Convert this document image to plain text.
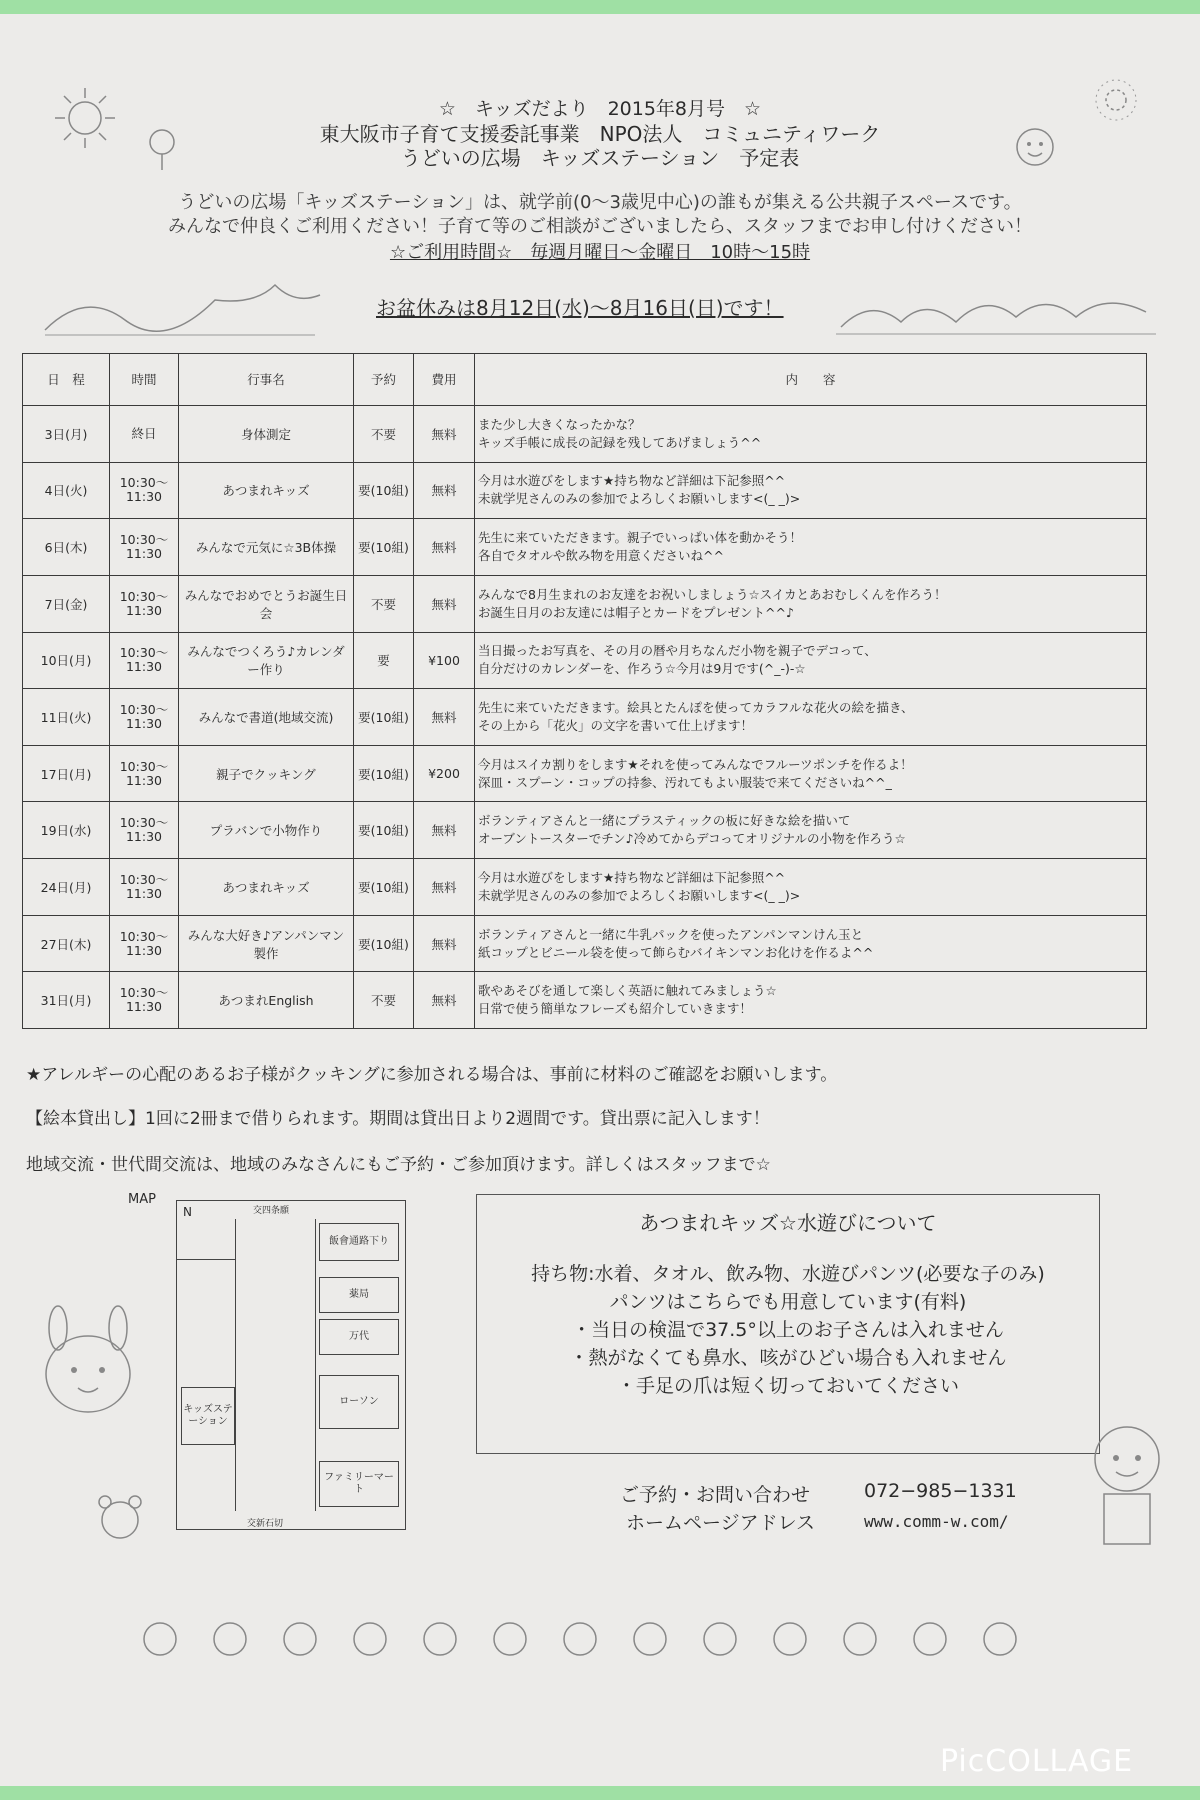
☆　キッズだより　2015年8月号　☆
東大阪市子育て支援委託事業　NPO法人　コミュニティワーク
うどいの広場　キッズステーション　予定表
うどいの広場「キッズステーション」は、就学前(0〜3歳児中心)の誰もが集える公共親子スペースです。
みんなで仲良くご利用ください！子育て等のご相談がございましたら、スタッフまでお申し付けください！
☆ご利用時間☆　毎週月曜日〜金曜日　10時〜15時
お盆休みは8月12日(水)〜8月16日(日)です！
日　程	時間	行事名	予約	費用	内　　容
3日(月)	終日	身体測定	不要	無料	また少し大きくなったかな？
キッズ手帳に成長の記録を残してあげましょう^^

4日(火)	10:30〜11:30	あつまれキッズ	要(10組)	無料	今月は水遊びをします★持ち物など詳細は下記参照^^
未就学児さんのみの参加でよろしくお願いします<(_ _)>

6日(木)	10:30〜11:30	みんなで元気に☆3B体操	要(10組)	無料	先生に来ていただきます。親子でいっぱい体を動かそう！
各自でタオルや飲み物を用意くださいね^^

7日(金)	10:30〜11:30	みんなでおめでとうお誕生日会	不要	無料	みんなで8月生まれのお友達をお祝いしましょう☆スイカとあおむしくんを作ろう！
お誕生日月のお友達には帽子とカードをプレゼント^^♪

10日(月)	10:30〜11:30	みんなでつくろう♪カレンダー作り	要	¥100	当日撮ったお写真を、その月の暦や月ちなんだ小物を親子でデコって、
自分だけのカレンダーを、作ろう☆今月は9月です(^_-)-☆

11日(火)	10:30〜11:30	みんなで書道(地域交流)	要(10組)	無料	先生に来ていただきます。絵具とたんぽを使ってカラフルな花火の絵を描き、
その上から「花火」の文字を書いて仕上げます！

17日(月)	10:30〜11:30	親子でクッキング	要(10組)	¥200	今月はスイカ割りをします★それを使ってみんなでフルーツポンチを作るよ！
深皿・スプーン・コップの持参、汚れてもよい服装で来てくださいね^^_

19日(水)	10:30〜11:30	プラバンで小物作り	要(10組)	無料	ボランティアさんと一緒にプラスティックの板に好きな絵を描いて
オーブントースターでチン♪冷めてからデコってオリジナルの小物を作ろう☆

24日(月)	10:30〜11:30	あつまれキッズ	要(10組)	無料	今月は水遊びをします★持ち物など詳細は下記参照^^
未就学児さんのみの参加でよろしくお願いします<(_ _)>

27日(木)	10:30〜11:30	みんな大好き♪アンパンマン製作	要(10組)	無料	ボランティアさんと一緒に牛乳パックを使ったアンパンマンけん玉と
紙コップとビニール袋を使って飾らむバイキンマンお化けを作るよ^^

31日(月)	10:30〜11:30	あつまれEnglish	不要	無料	歌やあそびを通して楽しく英語に触れてみましょう☆
日常で使う簡単なフレーズも紹介していきます！
★アレルギーの心配のあるお子様がクッキングに参加される場合は、事前に材料のご確認をお願いします。
【絵本貸出し】1回に2冊まで借りられます。期間は貸出日より2週間です。貸出票に記入します！
地域交流・世代間交流は、地域のみなさんにもご予約・ご参加頂けます。詳しくはスタッフまで☆
MAP
N	交四条願
交新石切
飯會通路下り
薬局
万代
ローソン
キッズステーション
ファミリーマート
あつまれキッズ☆水遊びについて
持ち物:水着、タオル、飲み物、水遊びパンツ(必要な子のみ)
パンツはこちらでも用意しています(有料)
・当日の検温で37.5°以上のお子さんは入れません
・熱がなくても鼻水、咳がひどい場合も入れません
・手足の爪は短く切っておいてください
ご予約・お問い合わせ	072−985−1331
ホームページアドレス	www.comm-w.com/
PicCOLLAGE
